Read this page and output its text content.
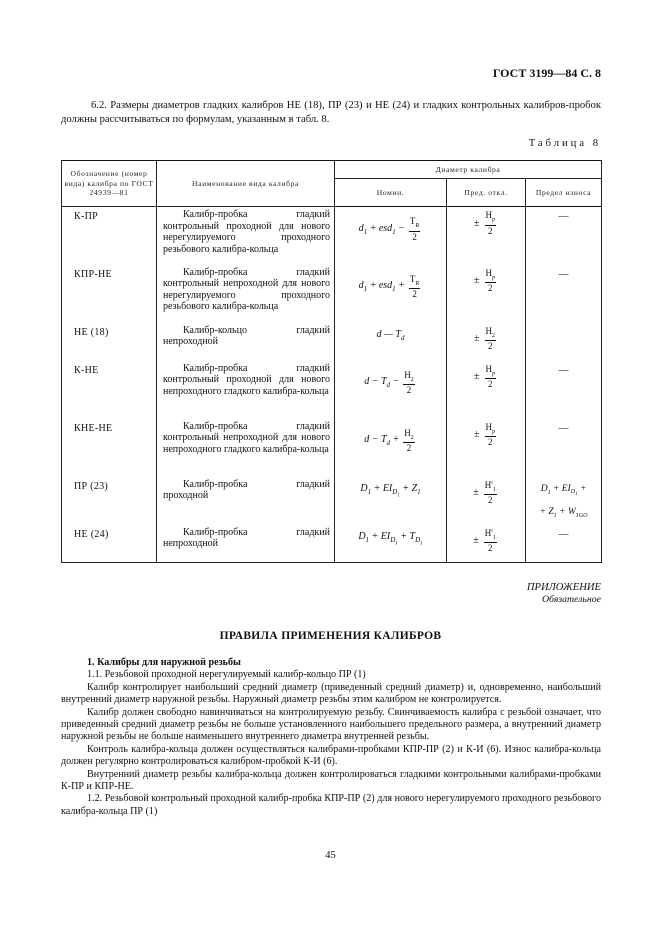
ГОСТ 3199—84 С. 8
6.2. Размеры диаметров гладких калибров НЕ (18), ПР (23) и НЕ (24) и гладких контрольных калибров-пробок должны рассчитываться по формулам, указанным в табл. 8.
Таблица 8
Обозначение (номер вида) калибра по ГОСТ 24939—81	Наименование вида калибра	Диаметр калибра		
		Номин.	Пред. откл.	Предел износа
К-ПР	Калибр-пробка гладкий контрольный проходной для нового нерегулируемого проходного резьбового калибра-кольца	$d_1 + esd_1 - \frac{T_R}{2}$	± $\frac{H_p}{2}$	—
КПР-НЕ	Калибр-пробка гладкий контрольный непроходной для нового нерегулируемого проходного резьбового калибра-кольца	$d_1 + esd_1 + \frac{T_R}{2}$	± $\frac{H_p}{2}$	—
НЕ (18)	Калибр-кольцо гладкий непроходной	d — $T_d$	± $\frac{H_2}{2}$

К-НЕ	Калибр-пробка гладкий контрольный проходной для нового непроходного гладкого калибра-кольца	$d - T_d - \frac{H_2}{2}$	± $\frac{H_p}{2}$	—
КНЕ-НЕ	Калибр-пробка гладкий контрольный непроходной для нового непроходного гладкого калибра-кольца	$d - T_d + \frac{H_2}{2}$	± $\frac{H_p}{2}$	—
ПР (23)	Калибр-пробка гладкий проходной	$D_1 + EI_{D_1} + Z_1$	± $\frac{H'_1}{2}$	$D_1 + EI_{D_1}$ +
+ $Z_1 + W_{1GO}$
НЕ (24)	Калибр-пробка гладкий непроходной	$D_1 + EI_{D_1} + T_{D_1}$	± $\frac{H'_1}{2}$	—
ПРИЛОЖЕНИЕ
Обязательное
ПРАВИЛА ПРИМЕНЕНИЯ КАЛИБРОВ

1. Калибры для наружной резьбы

1.1. Резьбовой проходной нерегулируемый калибр-кольцо ПР (1)

Калибр контролирует наибольший средний диаметр (приведенный средний диаметр) и, одновременно, наибольший внутренний диаметр наружной резьбы. Наружный диаметр резьбы этим калибром не контролируется.

Калибр должен свободно навинчиваться на контролируемую резьбу. Свинчиваемость калибра с резьбой означает, что приведенный средний диаметр резьбы не больше установленного наибольшего предельного размера, а внутренний диаметр наружной резьбы не больше наименьшего внутреннего диаметра внутренней резьбы.

Контроль калибра-кольца должен осуществляться калибрами-пробками КПР-ПР (2) и К-И (6). Износ калибра-кольца должен регулярно контролироваться калибром-пробкой К-И (6).

Внутренний диаметр резьбы калибра-кольца должен контролироваться гладкими контрольными калибрами-пробками К-ПР и КПР-НЕ.

1.2. Резьбовой контрольный проходной калибр-пробка КПР-ПР (2) для нового нерегулируемого проходного резьбового калибра-кольца ПР (1)

45
